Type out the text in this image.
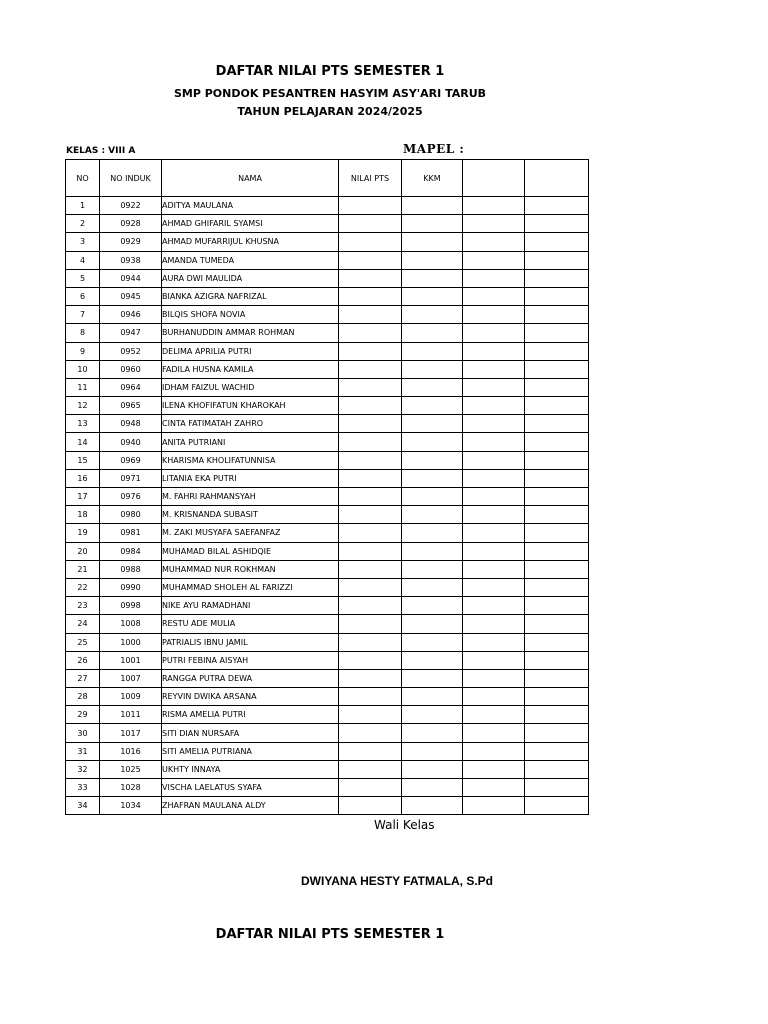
DAFTAR NILAI PTS SEMESTER 1
SMP PONDOK PESANTREN HASYIM ASY'ARI TARUB
TAHUN PELAJARAN 2024/2025
KELAS : VIII A	MAPEL :
NO	NO INDUK	NAMA	NILAI PTS	KKM		
1	0922	ADITYA MAULANA				
2	0928	AHMAD GHIFARIL SYAMSI				
3	0929	AHMAD MUFARRIJUL KHUSNA				
4	0938	AMANDA TUMEDA				
5	0944	AURA DWI MAULIDA				
6	0945	BIANKA AZIGRA NAFRIZAL				
7	0946	BILQIS SHOFA NOVIA				
8	0947	BURHANUDDIN AMMAR ROHMAN				
9	0952	DELIMA APRILIA PUTRI				
10	0960	FADILA HUSNA KAMILA				
11	0964	IDHAM FAIZUL WACHID				
12	0965	ILENA KHOFIFATUN KHAROKAH				
13	0948	CINTA FATIMATAH ZAHRO				
14	0940	ANITA PUTRIANI				
15	0969	KHARISMA KHOLIFATUNNISA				
16	0971	LITANIA EKA PUTRI				
17	0976	M. FAHRI RAHMANSYAH				
18	0980	M. KRISNANDA SUBASIT				
19	0981	M. ZAKI MUSYAFA SAEFANFAZ				
20	0984	MUHAMAD BILAL ASHIDQIE				
21	0988	MUHAMMAD NUR ROKHMAN				
22	0990	MUHAMMAD SHOLEH AL FARIZZI				
23	0998	NIKE AYU RAMADHANI				
24	1008	RESTU ADE MULIA				
25	1000	PATRIALIS IBNU JAMIL				
26	1001	PUTRI FEBINA AISYAH				
27	1007	RANGGA PUTRA DEWA				
28	1009	REYVIN DWIKA ARSANA				
29	1011	RISMA AMELIA PUTRI				
30	1017	SITI DIAN NURSAFA				
31	1016	SITI AMELIA PUTRIANA				
32	1025	UKHTY INNAYA				
33	1028	VISCHA LAELATUS SYAFA				
34	1034	ZHAFRAN MAULANA ALDY				
Wali Kelas
DWIYANA HESTY FATMALA, S.Pd
DAFTAR NILAI PTS SEMESTER 1
